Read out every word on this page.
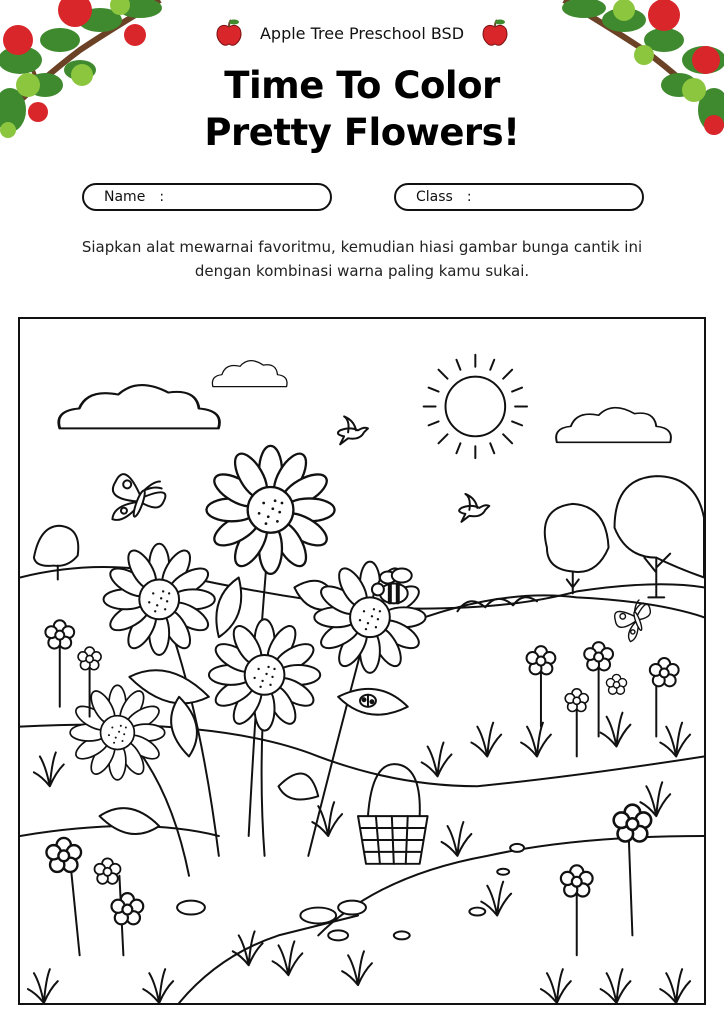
Apple Tree Preschool BSD
Time To Color
Pretty Flowers!
Name :	Class :
Siapkan alat mewarnai favoritmu, kemudian hiasi gambar bunga cantik ini dengan kombinasi warna paling kamu sukai.
